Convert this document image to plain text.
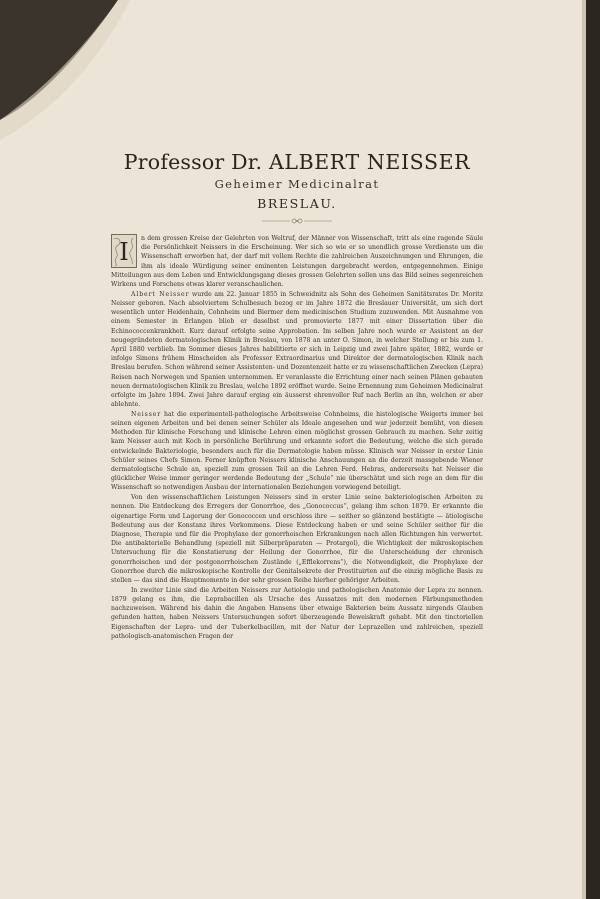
Professor Dr. ALBERT NEISSER
Geheimer Medicinalrat
BRESLAU.

I n dem grossen Kreise der Gelehrten von Weltruf, der Männer von Wissenschaft, tritt als eine ragende Säule die Persönlichkeit Neissers in die Erscheinung. Wer sich so wie er so unendlich grosse Verdienste um die Wissenschaft erworben hat, der darf mit vollem Rechte die zahlreichen Auszeichnungen und Ehrungen, die ihm als ideale Würdigung seiner eminenten Leistungen dargebracht werden, entgegennehmen. Einige Mitteilungen aus dem Leben und Entwicklungsgang dieses grossen Gelehrten sollen uns das Bild seines segenreichen Wirkens und Forschens etwas klarer veranschaulichen.

Albert Neisser wurde am 22. Januar 1855 in Schweidnitz als Sohn des Geheimen Sanitätsrates Dr. Moritz Neisser geboren. Nach absolviertem Schulbesuch bezog er im Jahre 1872 die Breslauer Universität, um sich dort wesentlich unter Heidenhain, Cohnheim und Biermer dem medicinischen Studium zuzuwenden. Mit Ausnahme von einem Semester in Erlangen blieb er daselbst und promovierte 1877 mit einer Dissertation über die Echinococcenkrankheit. Kurz darauf erfolgte seine Approbation. Im selben Jahre noch wurde er Assistent an der neugegründeten dermatologischen Klinik in Breslau, von 1878 an unter O. Simon, in welcher Stellung er bis zum 1. April 1880 verblieb. Im Sommer dieses Jahres habilitierte er sich in Leipzig und zwei Jahre später, 1882, wurde er infolge Simons frühem Hinscheiden als Professor Extraordinarius und Direktor der dermatologischen Klinik nach Breslau berufen. Schon während seiner Assistenten- und Dozentenzeit hatte er zu wissenschaftlichen Zwecken (Lepra) Reisen nach Norwegen und Spanien unternommen. Er veranlasste die Errichtung einer nach seinen Plänen gebauten neuen dermatologischen Klinik zu Breslau, welche 1892 eröffnet wurde. Seine Ernennung zum Geheimen Medicinalrat erfolgte im Jahre 1894. Zwei Jahre darauf erging ein äusserst ehrenvoller Ruf nach Berlin an ihn, welchen er aber ablehnte.

Neisser hat die experimentell-pathologische Arbeitsweise Cohnheims, die histologische Weigerts immer bei seinen eigenen Arbeiten und bei denen seiner Schüler als Ideale angesehen und war jederzeit bemüht, von diesen Methoden für klinische Forschung und klinische Lehren einen möglichst grossen Gebrauch zu machen. Sehr zeitig kam Neisser auch mit Koch in persönliche Berührung und erkannte sofort die Bedeutung, welche die sich gerade entwickelnde Bakteriologie, besonders auch für die Dermatologie haben müsse. Klinisch war Neisser in erster Linie Schüler seines Chefs Simon. Ferner knüpften Neissers klinische Anschauungen an die derzeit massgebende Wiener dermatologische Schule an, speziell zum grossen Teil an die Lehren Ferd. Hebras, andererseits hat Neisser die glücklicher Weise immer geringer werdende Bedeutung der „Schule“ nie überschätzt und sich rege an dem für die Wissenschaft so notwendigen Ausbau der internationalen Beziehungen vorwiegend beteiligt.

Von den wissenschaftlichen Leistungen Neissers sind in erster Linie seine bakteriologischen Arbeiten zu nennen. Die Entdeckung des Erregers der Gonorrhoe, des „Gonococcus“, gelang ihm schon 1879. Er erkannte die eigenartige Form und Lagerung der Gonococcen und erschloss ihre — seither so glänzend bestätigte — ätiologische Bedeutung aus der Konstanz ihres Vorkommens. Diese Entdeckung haben er und seine Schüler seither für die Diagnose, Therapie und für die Prophylaxe der gonorrhoischen Erkrankungen nach allen Richtungen hin verwertet. Die antibakterielle Behandlung (speziell mit Silberpräparaten — Protargol), die Wichtigkeit der mikroskopischen Untersuchung für die Konstatierung der Heilung der Gonorrhoe, für die Unterscheidung der chronisch gonorrhoischen und der postgonorrhoischen Zustände („Efflekorrens“), die Notwendigkeit, die Prophylaxe der Gonorrhoe durch die mikroskopische Kontrolle der Genitalsekrete der Prostituirten auf die einzig mögliche Basis zu stellen — das sind die Hauptmomente in der sehr grossen Reihe hierher gehöriger Arbeiten.

In zweiter Linie sind die Arbeiten Neissers zur Aetiologie und pathologischen Anatomie der Lepra zu nennen. 1879 gelang es ihm, die Leprabacillen als Ursache des Aussatzes mit den modernen Färbungsmethoden nachzuweisen. Während bis dahin die Angaben Hansens über etwaige Bakterien beim Aussatz nirgends Glauben gefunden hatten, haben Neissers Untersuchungen sofort überzeugende Beweiskraft gehabt. Mit den tinctoriellen Eigenschaften der Lepra- und der Tuberkelbacillen, mit der Natur der Leprazellen und zahlreichen, speziell pathologisch-anatomischen Fragen der
